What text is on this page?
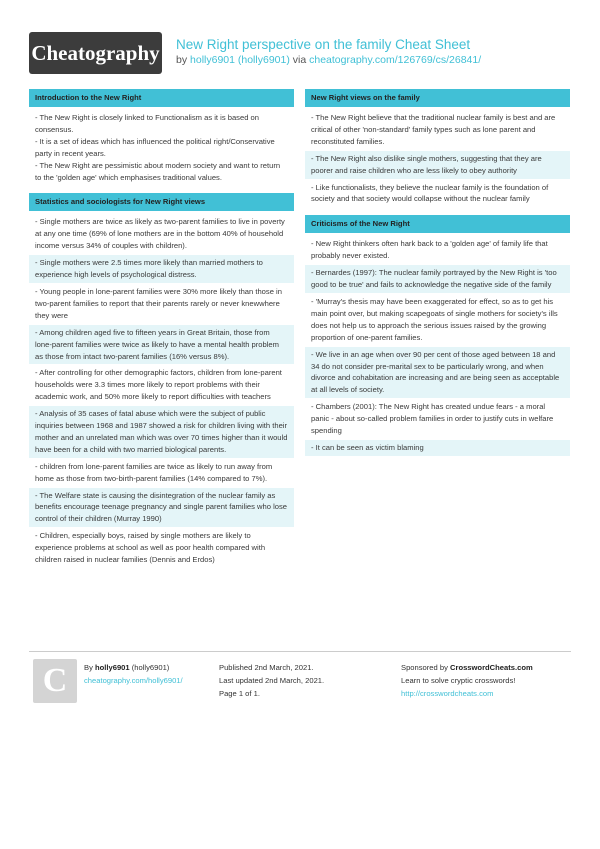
Cheatography New Right perspective on the family Cheat Sheet
by holly6901 (holly6901) via cheatography.com/126769/cs/26841/
Introduction to the New Right
- The New Right is closely linked to Functionalism as it is based on consensus.
- It is a set of ideas which has influenced the political right/Conservative party in recent years.
- The New Right are pessimistic about modern society and want to return to the 'golden age' which emphasises traditional values.
Statistics and sociologists for New Right views
- Single mothers are twice as likely as two-parent families to live in poverty at any one time (69% of lone mothers are in the bottom 40% of household income versus 34% of couples with children).
- Single mothers were 2.5 times more likely than married mothers to experience high levels of psychological distress.
- Young people in lone-parent families were 30% more likely than those in two-parent families to report that their parents rarely or never knewwhere they were
- Among children aged five to fifteen years in Great Britain, those from lone-parent families were twice as likely to have a mental health problem as those from intact two-parent families (16% versus 8%).
- After controlling for other demographic factors, children from lone-parent households were 3.3 times more likely to report problems with their academic work, and 50% more likely to report difficulties with teachers
- Analysis of 35 cases of fatal abuse which were the subject of public inquiries between 1968 and 1987 showed a risk for children living with their mother and an unrelated man which was over 70 times higher than it would have been for a child with two married biological parents.
- children from lone-parent families are twice as likely to run away from home as those from two-birth-parent families (14% compared to 7%).
- The Welfare state is causing the disintegration of the nuclear family as benefits encourage teenage pregnancy and single parent families who lose control of their children (Murray 1990)
- Children, especially boys, raised by single mothers are likely to experience problems at school as well as poor health compared with children raised in nuclear families (Dennis and Erdos)
New Right views on the family
- The New Right believe that the traditional nuclear family is best and are critical of other 'non-standard' family types such as lone parent and reconstituted families.
- The New Right also dislike single mothers, suggesting that they are poorer and raise children who are less likely to obey authority
- Like functionalists, they believe the nuclear family is the foundation of society and that society would collapse without the nuclear family
Criticisms of the New Right
- New Right thinkers often hark back to a 'golden age' of family life that probably never existed.
- Bernardes (1997): The nuclear family portrayed by the New Right is 'too good to be true' and fails to acknowledge the negative side of the family
- 'Murray's thesis may have been exaggerated for effect, so as to get his main point over, but making scapegoats of single mothers for society's ills does not help us to approach the serious issues raised by the growing proportion of one-parent families.
- We live in an age when over 90 per cent of those aged between 18 and 34 do not consider pre-marital sex to be particularly wrong, and when divorce and cohabitation are increasing and are being seen as acceptable at all levels of society.
- Chambers (2001): The New Right has created undue fears - a moral panic - about so-called problem families in order to justify cuts in welfare spending
- It can be seen as victim blaming
C	By holly6901 (holly6901)
cheatography.com/holly6901/
Published 2nd March, 2021.
Last updated 2nd March, 2021.
Page 1 of 1.
Sponsored by CrosswordCheats.com
Learn to solve cryptic crosswords!
http://crosswordcheats.com
